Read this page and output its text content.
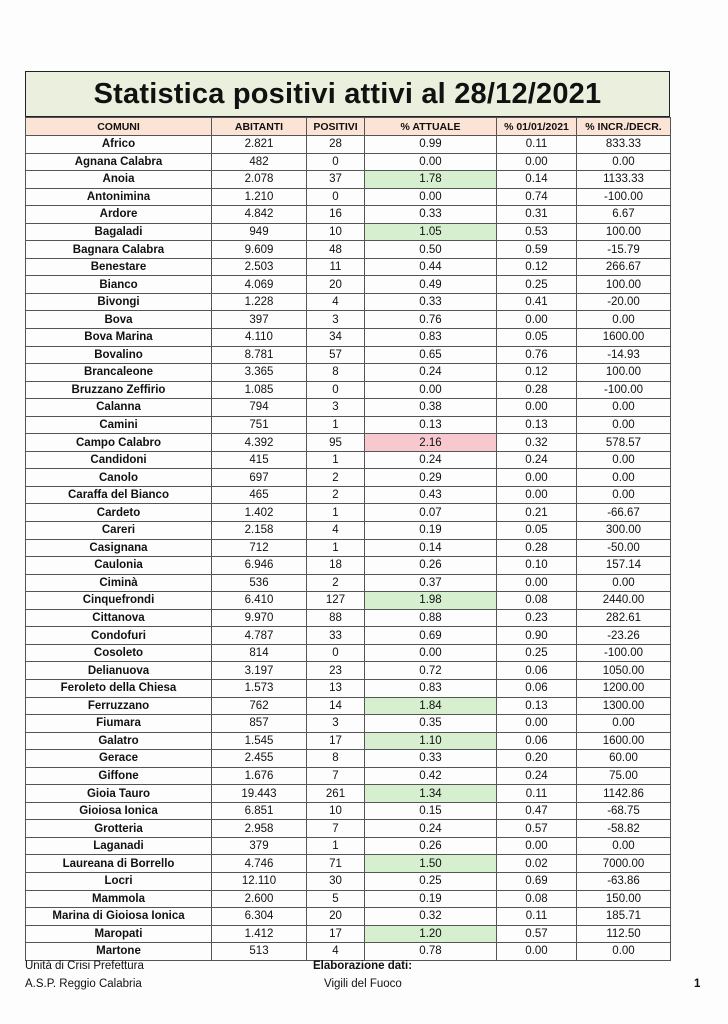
Statistica positivi attivi al 28/12/2021
COMUNI	ABITANTI	POSITIVI	% ATTUALE	% 01/01/2021	% INCR./DECR.
Africo	2.821	28	0.99	0.11	833.33
Agnana Calabra	482	0	0.00	0.00	0.00
Anoia	2.078	37	1.78	0.14	1133.33
Antonimina	1.210	0	0.00	0.74	-100.00
Ardore	4.842	16	0.33	0.31	6.67
Bagaladi	949	10	1.05	0.53	100.00
Bagnara Calabra	9.609	48	0.50	0.59	-15.79
Benestare	2.503	11	0.44	0.12	266.67
Bianco	4.069	20	0.49	0.25	100.00
Bivongi	1.228	4	0.33	0.41	-20.00
Bova	397	3	0.76	0.00	0.00
Bova Marina	4.110	34	0.83	0.05	1600.00
Bovalino	8.781	57	0.65	0.76	-14.93
Brancaleone	3.365	8	0.24	0.12	100.00
Bruzzano Zeffirio	1.085	0	0.00	0.28	-100.00
Calanna	794	3	0.38	0.00	0.00
Camini	751	1	0.13	0.13	0.00
Campo Calabro	4.392	95	2.16	0.32	578.57
Candidoni	415	1	0.24	0.24	0.00
Canolo	697	2	0.29	0.00	0.00
Caraffa del Bianco	465	2	0.43	0.00	0.00
Cardeto	1.402	1	0.07	0.21	-66.67
Careri	2.158	4	0.19	0.05	300.00
Casignana	712	1	0.14	0.28	-50.00
Caulonia	6.946	18	0.26	0.10	157.14
Ciminà	536	2	0.37	0.00	0.00
Cinquefrondi	6.410	127	1.98	0.08	2440.00
Cittanova	9.970	88	0.88	0.23	282.61
Condofuri	4.787	33	0.69	0.90	-23.26
Cosoleto	814	0	0.00	0.25	-100.00
Delianuova	3.197	23	0.72	0.06	1050.00
Feroleto della Chiesa	1.573	13	0.83	0.06	1200.00
Ferruzzano	762	14	1.84	0.13	1300.00
Fiumara	857	3	0.35	0.00	0.00
Galatro	1.545	17	1.10	0.06	1600.00
Gerace	2.455	8	0.33	0.20	60.00
Giffone	1.676	7	0.42	0.24	75.00
Gioia Tauro	19.443	261	1.34	0.11	1142.86
Gioiosa Ionica	6.851	10	0.15	0.47	-68.75
Grotteria	2.958	7	0.24	0.57	-58.82
Laganadi	379	1	0.26	0.00	0.00
Laureana di Borrello	4.746	71	1.50	0.02	7000.00
Locri	12.110	30	0.25	0.69	-63.86
Mammola	2.600	5	0.19	0.08	150.00
Marina di Gioiosa Ionica	6.304	20	0.32	0.11	185.71
Maropati	1.412	17	1.20	0.57	112.50
Martone	513	4	0.78	0.00	0.00
Unità di Crisi Prefettura
A.S.P. Reggio Calabria
Elaborazione dati:
Vigili del Fuoco	1
